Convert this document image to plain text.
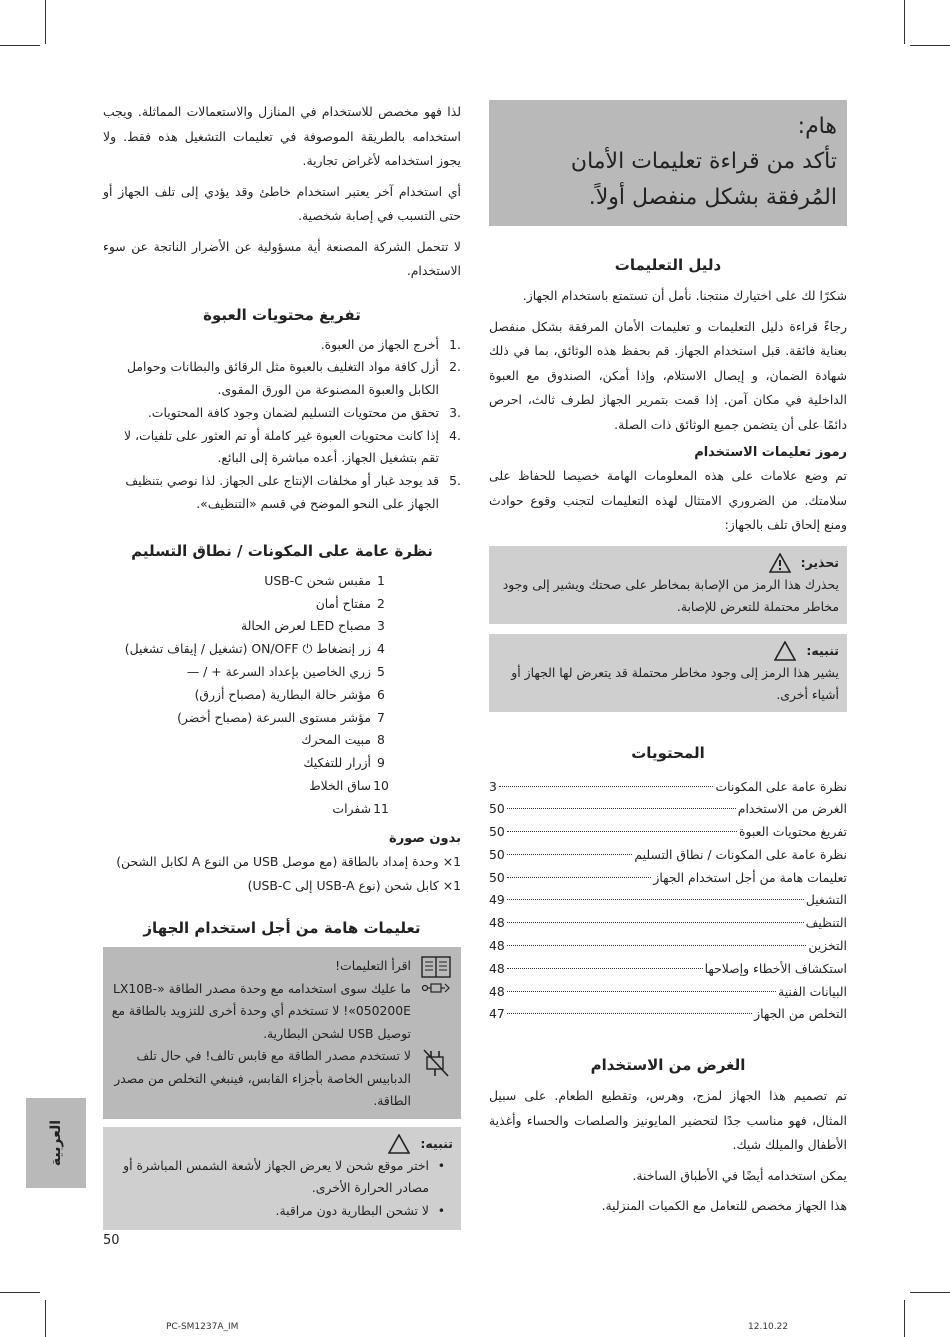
:هام
تأكد من قراءة تعليمات الأمان المُرفقة بشكل منفصل أولاً.
دليل التعليمات

شكرًا لك على اختيارك منتجنا. نأمل أن تستمتع باستخدام الجهاز.

رجاءً قراءة دليل التعليمات و تعليمات الأمان المرفقة بشكل منفصل بعناية فائقة. قبل استخدام الجهاز. قم بحفظ هذه الوثائق، بما في ذلك شهادة الضمان، و إيصال الاستلام، وإذا أمكن، الصندوق مع العبوة الداخلية في مكان آمن. إذا قمت بتمرير الجهاز لطرف ثالث، احرص دائمًا على أن يتضمن جميع الوثائق ذات الصلة.

رموز تعليمات الاستخدام

تم وضع علامات على هذه المعلومات الهامة خصيصا للحفاظ على سلامتك. من الضروري الامتثال لهذه التعليمات لتجنب وقوع حوادث ومنع إلحاق تلف بالجهاز:

تحذير:
يحذرك هذا الرمز من الإصابة بمخاطر على صحتك ويشير إلى وجود مخاطر محتملة للتعرض للإصابة.
تنبيه:
يشير هذا الرمز إلى وجود مخاطر محتملة قد يتعرض لها الجهاز أو أشياء أخرى.
المحتويات
نظرة عامة على المكونات
3
الغرض من الاستخدام
50
تفريغ محتويات العبوة
50
نظرة عامة على المكونات / نطاق التسليم
50
تعليمات هامة من أجل استخدام الجهاز
50
التشغيل
49
التنظيف
48
التخزين
48
استكشاف الأخطاء وإصلاحها
48
البيانات الفنية
48
التخلص من الجهاز
47
الغرض من الاستخدام

تم تصميم هذا الجهاز لمزج، وهرس، وتقطيع الطعام. على سبيل المثال، فهو مناسب جدًا لتحضير المايونيز والصلصات والحساء وأغذية الأطفال والميلك شيك.

يمكن استخدامه أيضًا في الأطباق الساخنة.

هذا الجهاز مخصص للتعامل مع الكميات المنزلية.

لذا فهو مخصص للاستخدام في المنازل والاستعمالات المماثلة. ويجب استخدامه بالطريقة الموصوفة في تعليمات التشغيل هذه فقط. ولا يجوز استخدامه لأغراض تجارية.

أي استخدام آخر يعتبر استخدام خاطئ وقد يؤدي إلى تلف الجهاز أو حتى التسبب في إصابة شخصية.

لا تتحمل الشركة المصنعة أية مسؤولية عن الأضرار الناتجة عن سوء الاستخدام.

تفريغ محتويات العبوة
1.
أخرج الجهاز من العبوة.
2.
أزل كافة مواد التغليف بالعبوة مثل الرقائق والبطانات وحوامل الكابل والعبوة المصنوعة من الورق المقوى.
3.
تحقق من محتويات التسليم لضمان وجود كافة المحتويات.
4.
إذا كانت محتويات العبوة غير كاملة أو تم العثور على تلفيات، لا تقم بتشغيل الجهاز. أعده مباشرة إلى البائع.
5.
قد يوجد غبار أو مخلفات الإنتاج على الجهاز. لذا نوصي بتنظيف الجهاز على النحو الموضح في قسم «التنظيف».
نظرة عامة على المكونات / نطاق التسليم
1
مقبس شحن USB-C
2
مفتاح أمان
3
مصباح LED لعرض الحالة
4
زر إنضغاط ⏻ ON/OFF (تشغيل / إيقاف تشغيل)
5
زري الخاصين بإعداد السرعة + / —
6
مؤشر حالة البطارية (مصباح أزرق)
7
مؤشر مستوى السرعة (مصباح أخضر)
8
مبيت المحرك
9
أزرار للتفكيك
10
ساق الخلاط
11
شفرات
بدون صورة

1× وحدة إمداد بالطاقة (مع موصل USB من النوع A لكابل الشحن)

1× كابل شحن (نوع USB-A إلى USB-C)

تعليمات هامة من أجل استخدام الجهاز
اقرأ التعليمات!
ما عليك سوى استخدامه مع وحدة مصدر الطاقة «LX10B-050200E»! لا تستخدم أي وحدة أخرى للتزويد بالطاقة مع توصيل USB لشحن البطارية.
لا تستخدم مصدر الطاقة مع قابس تالف! في حال تلف الدبابيس الخاصة بأجزاء القابس، فينبغي التخلص من مصدر الطاقة.
تنبيه:
• اختر موقع شحن لا يعرض الجهاز لأشعة الشمس المباشرة أو مصادر الحرارة الأخرى.
• لا تشحن البطارية دون مراقبة.
العربية
50
PC-SM1237A_IM	12.10.22
